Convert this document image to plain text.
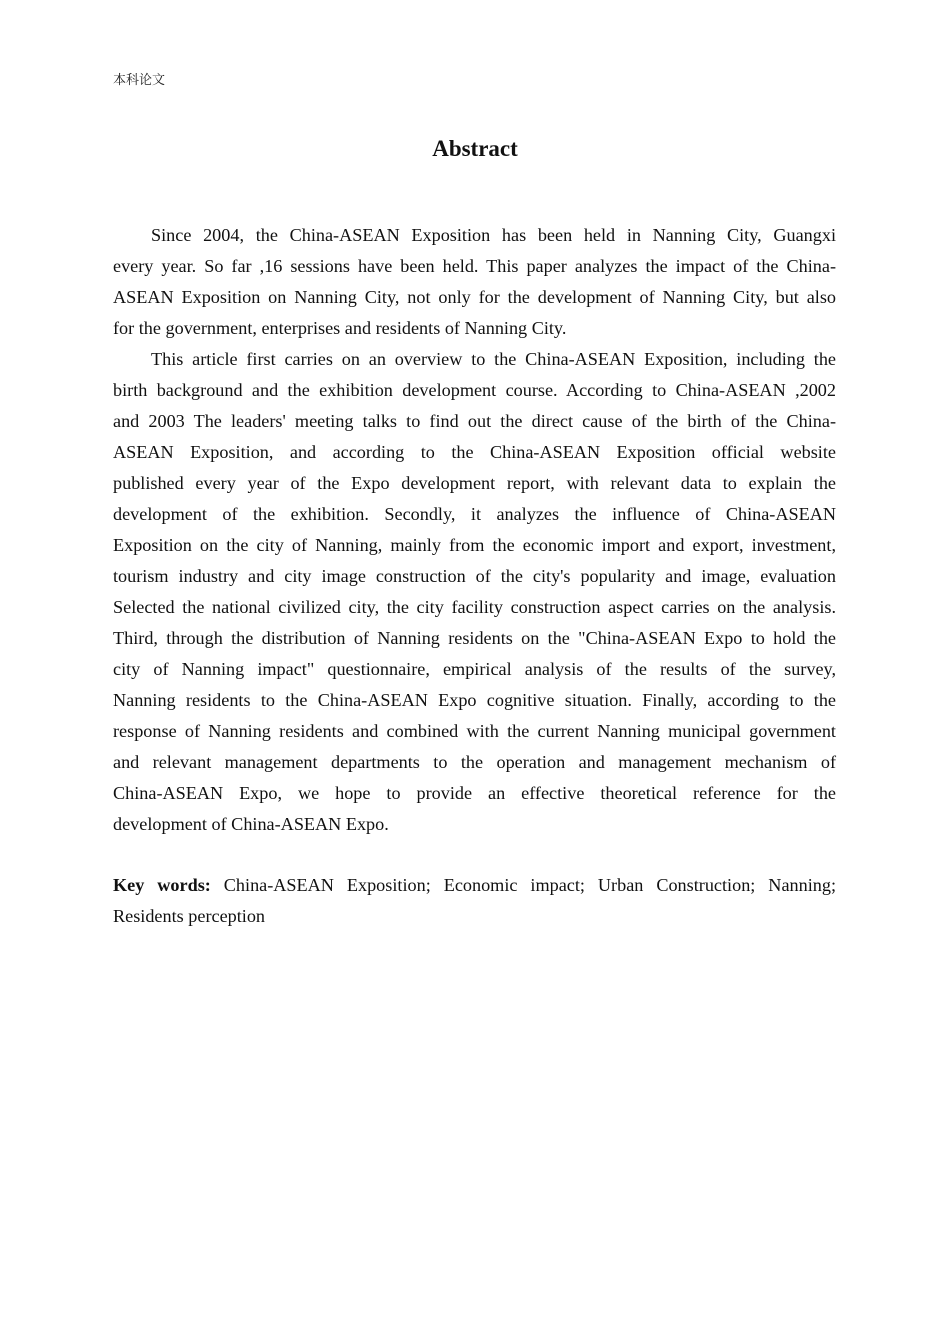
本科论文
Abstract
Since 2004, the China-ASEAN Exposition has been held in Nanning City, Guangxi
every year. So far ,16 sessions have been held. This paper analyzes the impact of the China-
ASEAN Exposition on Nanning City, not only for the development of Nanning City, but also
for the government, enterprises and residents of Nanning City.
This article first carries on an overview to the China-ASEAN Exposition, including the
birth background and the exhibition development course. According to China-ASEAN ,2002
and 2003 The leaders' meeting talks to find out the direct cause of the birth of the China-
ASEAN Exposition, and according to the China-ASEAN Exposition official website
published every year of the Expo development report, with relevant data to explain the
development of the exhibition. Secondly, it analyzes the influence of China-ASEAN
Exposition on the city of Nanning, mainly from the economic import and export, investment,
tourism industry and city image construction of the city's popularity and image, evaluation
Selected the national civilized city, the city facility construction aspect carries on the analysis.
Third, through the distribution of Nanning residents on the "China-ASEAN Expo to hold the
city of Nanning impact" questionnaire, empirical analysis of the results of the survey,
Nanning residents to the China-ASEAN Expo cognitive situation. Finally, according to the
response of Nanning residents and combined with the current Nanning municipal government
and relevant management departments to the operation and management mechanism of
China-ASEAN Expo, we hope to provide an effective theoretical reference for the
development of China-ASEAN Expo.
Key words: China-ASEAN Exposition; Economic impact; Urban Construction; Nanning;
Residents perception
